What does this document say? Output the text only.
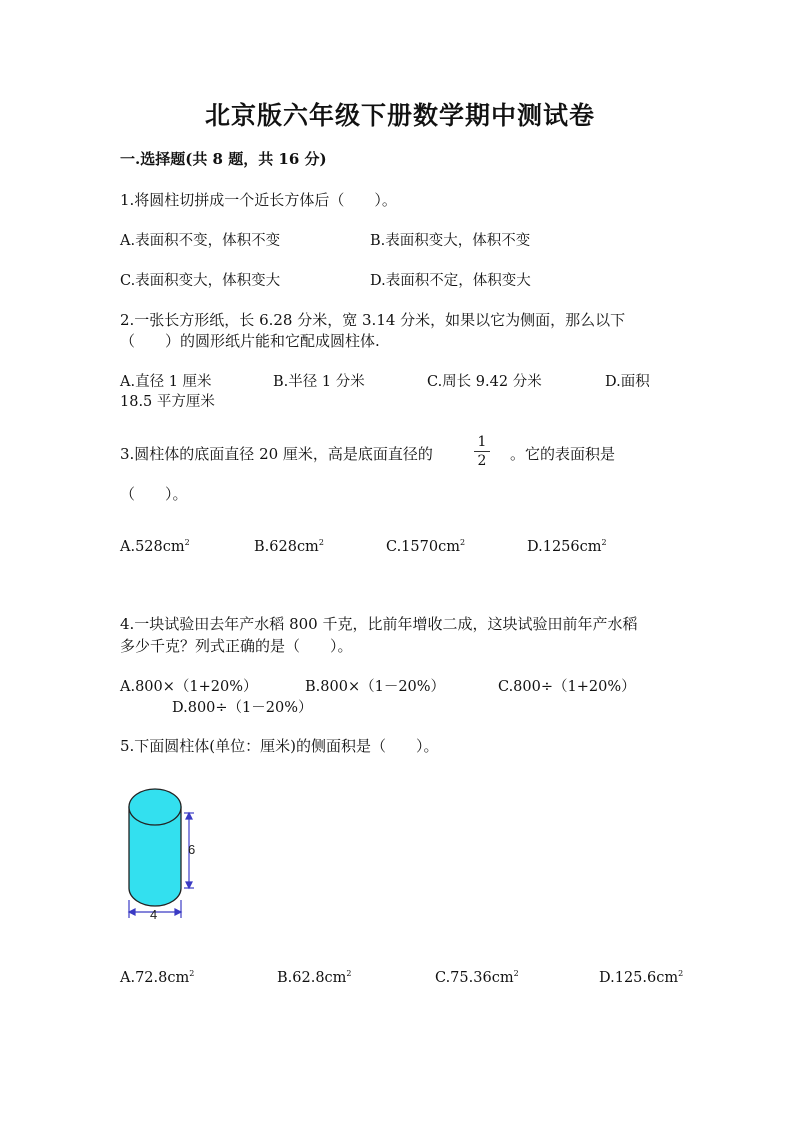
北京版六年级下册数学期中测试卷
一.选择题(共 8 题，共 16 分)
1.将圆柱切拼成一个近长方体后（　　）。
A.表面积不变，体积不变	B.表面积变大，体积不变
C.表面积变大，体积变大	D.表面积不定，体积变大
2.一张长方形纸，长 6.28 分米，宽 3.14 分米，如果以它为侧面，那么以下
（　　）的圆形纸片能和它配成圆柱体.
A.直径 1 厘米	B.半径 1 分米	C.周长 9.42 分米	D.面积
18.5 平方厘米
3.圆柱体的底面直径 20 厘米，高是底面直径的
1
2	。它的表面积是
（　　）。
$A.528cm^2$	$B.628cm^2$	$C.1570cm^2$	$D.1256cm^2$
4.一块试验田去年产水稻 800 千克，比前年增收二成，这块试验田前年产水稻
多少千克？列式正确的是（　　）。
A.800×（1+20%）	B.800×（1－20%）	C.800÷（1+20%）
D.800÷（1－20%）
5.下面圆柱体(单位：厘米)的侧面积是（　　）。
6
4
$A.72.8cm^2$	$B.62.8cm^2$	$C.75.36cm^2$	$D.125.6cm^2$
